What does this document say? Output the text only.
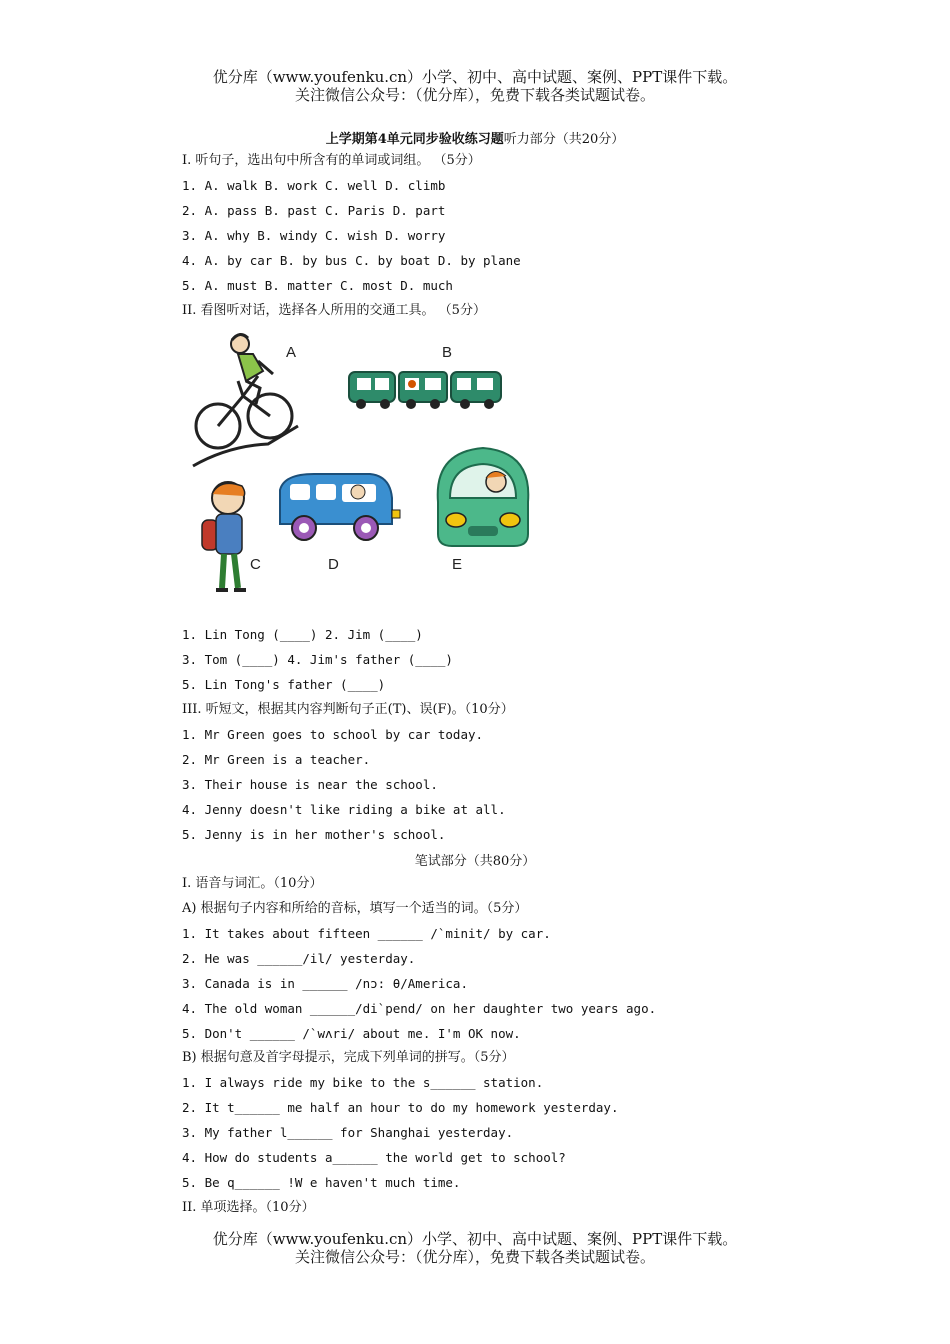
优分库（www.youfenku.cn）小学、初中、高中试题、案例、PPT课件下载。
关注微信公众号：（优分库），免费下载各类试题试卷。
上学期第4单元同步验收练习题听力部分（共20分）
I. 听句子，选出句中所含有的单词或词组。 （5分）
1. A. walk B. work C. well D. climb
2. A. pass B. past C. Paris D. part
3. A. why B. windy C. wish D. worry
4. A. by car B. by bus C. by boat D. by plane
5. A. must B. matter C. most D. much
II. 看图听对话，选择各人所用的交通工具。 （5分）
A	B
C	D	E
1. Lin Tong (____) 2. Jim (____)
3. Tom (____) 4. Jim's father (____)
5. Lin Tong's father (____)
III. 听短文，根据其内容判断句子正(T)、误(F)。（10分）
1. Mr Green goes to school by car today.
2. Mr Green is a teacher.
3. Their house is near the school.
4. Jenny doesn't like riding a bike at all.
5. Jenny is in her mother's school.
笔试部分（共80分）
I. 语音与词汇。（10分）
A) 根据句子内容和所给的音标，填写一个适当的词。（5分）
1. It takes about fifteen ______ /`minit/ by car.
2. He was ______/il/ yesterday.
3. Canada is in ______ /nɔ: θ/America.
4. The old woman ______/di`pend/ on her daughter two years ago.
5. Don't ______ /`wʌri/ about me. I'm OK now.
B) 根据句意及首字母提示，完成下列单词的拼写。（5分）
1. I always ride my bike to the s______ station.
2. It t______ me half an hour to do my homework yesterday.
3. My father l______ for Shanghai yesterday.
4. How do students a______ the world get to school?
5. Be q______ !W e haven't much time.
II. 单项选择。（10分）
优分库（www.youfenku.cn）小学、初中、高中试题、案例、PPT课件下载。
关注微信公众号：（优分库），免费下载各类试题试卷。
